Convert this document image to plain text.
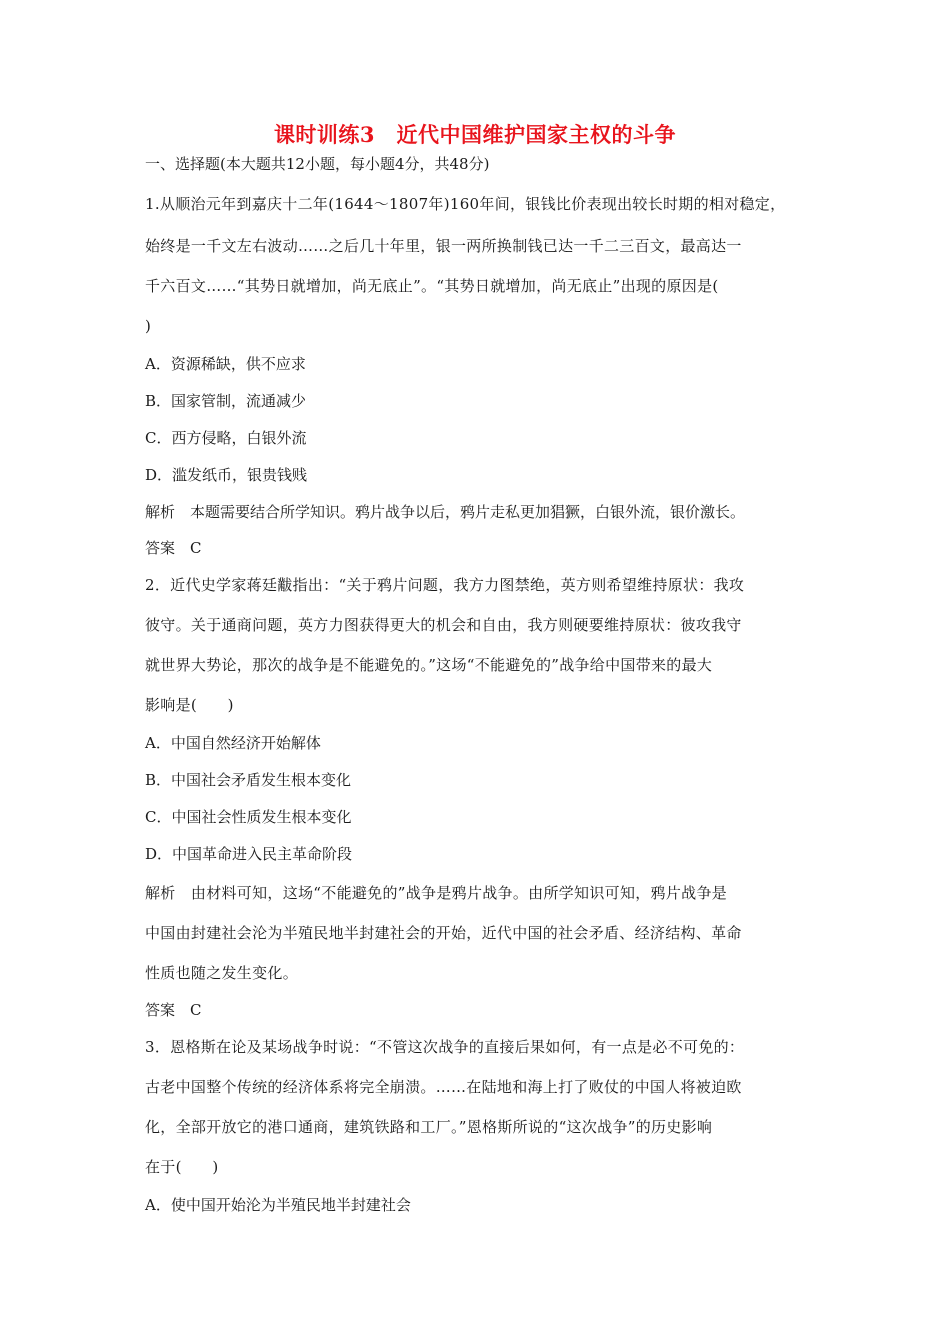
课时训练3　近代中国维护国家主权的斗争
一、选择题(本大题共12小题，每小题4分，共48分)
1.从顺治元年到嘉庆十二年(1644～1807年)160年间，银钱比价表现出较长时期的相对稳定，
始终是一千文左右波动……之后几十年里，银一两所换制钱已达一千二三百文，最高达一
千六百文……“其势日就增加，尚无底止”。“其势日就增加，尚无底止”出现的原因是(
)
A．资源稀缺，供不应求
B．国家管制，流通减少
C．西方侵略，白银外流
D．滥发纸币，银贵钱贱
解析　本题需要结合所学知识。鸦片战争以后，鸦片走私更加猖獗，白银外流，银价激长。
答案　C
2．近代史学家蒋廷黻指出：“关于鸦片问题，我方力图禁绝，英方则希望维持原状：我攻
彼守。关于通商问题，英方力图获得更大的机会和自由，我方则硬要维持原状：彼攻我守
就世界大势论，那次的战争是不能避免的。”这场“不能避免的”战争给中国带来的最大
影响是(　　)
A．中国自然经济开始解体
B．中国社会矛盾发生根本变化
C．中国社会性质发生根本变化
D．中国革命进入民主革命阶段
解析　由材料可知，这场“不能避免的”战争是鸦片战争。由所学知识可知，鸦片战争是
中国由封建社会沦为半殖民地半封建社会的开始，近代中国的社会矛盾、经济结构、革命
性质也随之发生变化。
答案　C
3．恩格斯在论及某场战争时说：“不管这次战争的直接后果如何，有一点是必不可免的：
古老中国整个传统的经济体系将完全崩溃。……在陆地和海上打了败仗的中国人将被迫欧
化，全部开放它的港口通商，建筑铁路和工厂。”恩格斯所说的“这次战争”的历史影响
在于(　　)
A．使中国开始沦为半殖民地半封建社会
